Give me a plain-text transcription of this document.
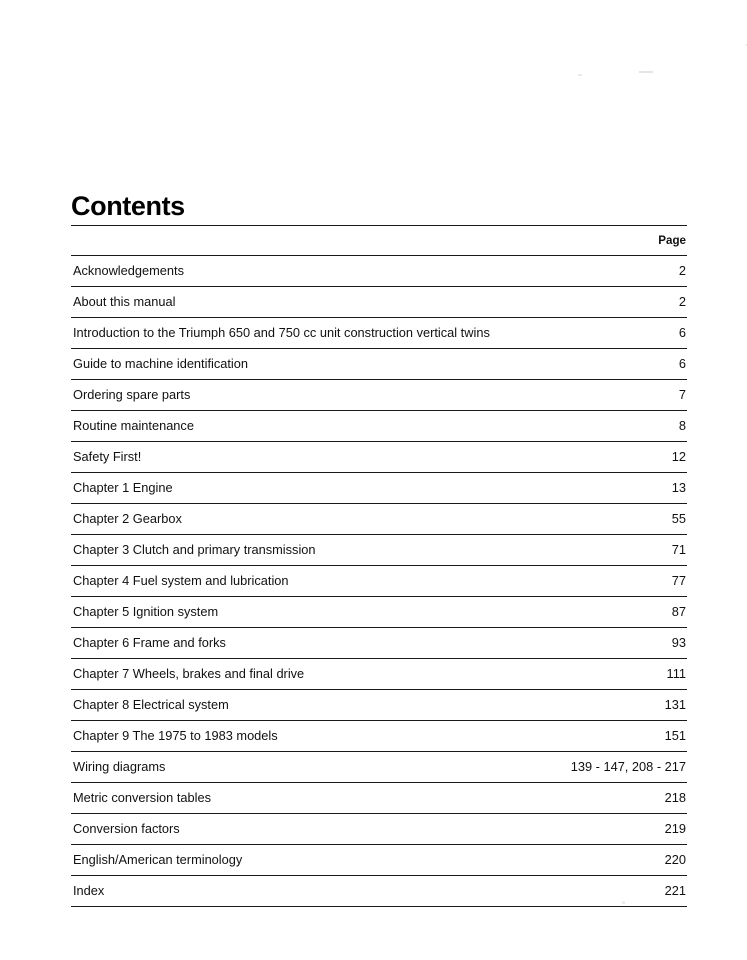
Contents
	Page
Acknowledgements	2
About this manual	2
Introduction to the Triumph 650 and 750 cc unit construction vertical twins	6
Guide to machine identification	6
Ordering spare parts	7
Routine maintenance	8
Safety First!	12
Chapter 1 Engine	13
Chapter 2 Gearbox	55
Chapter 3 Clutch and primary transmission	71
Chapter 4 Fuel system and lubrication	77
Chapter 5 Ignition system	87
Chapter 6 Frame and forks	93
Chapter 7 Wheels, brakes and final drive	111
Chapter 8 Electrical system	131
Chapter 9 The 1975 to 1983 models	151
Wiring diagrams	139 - 147, 208 - 217
Metric conversion tables	218
Conversion factors	219
English/American terminology	220
Index	221
